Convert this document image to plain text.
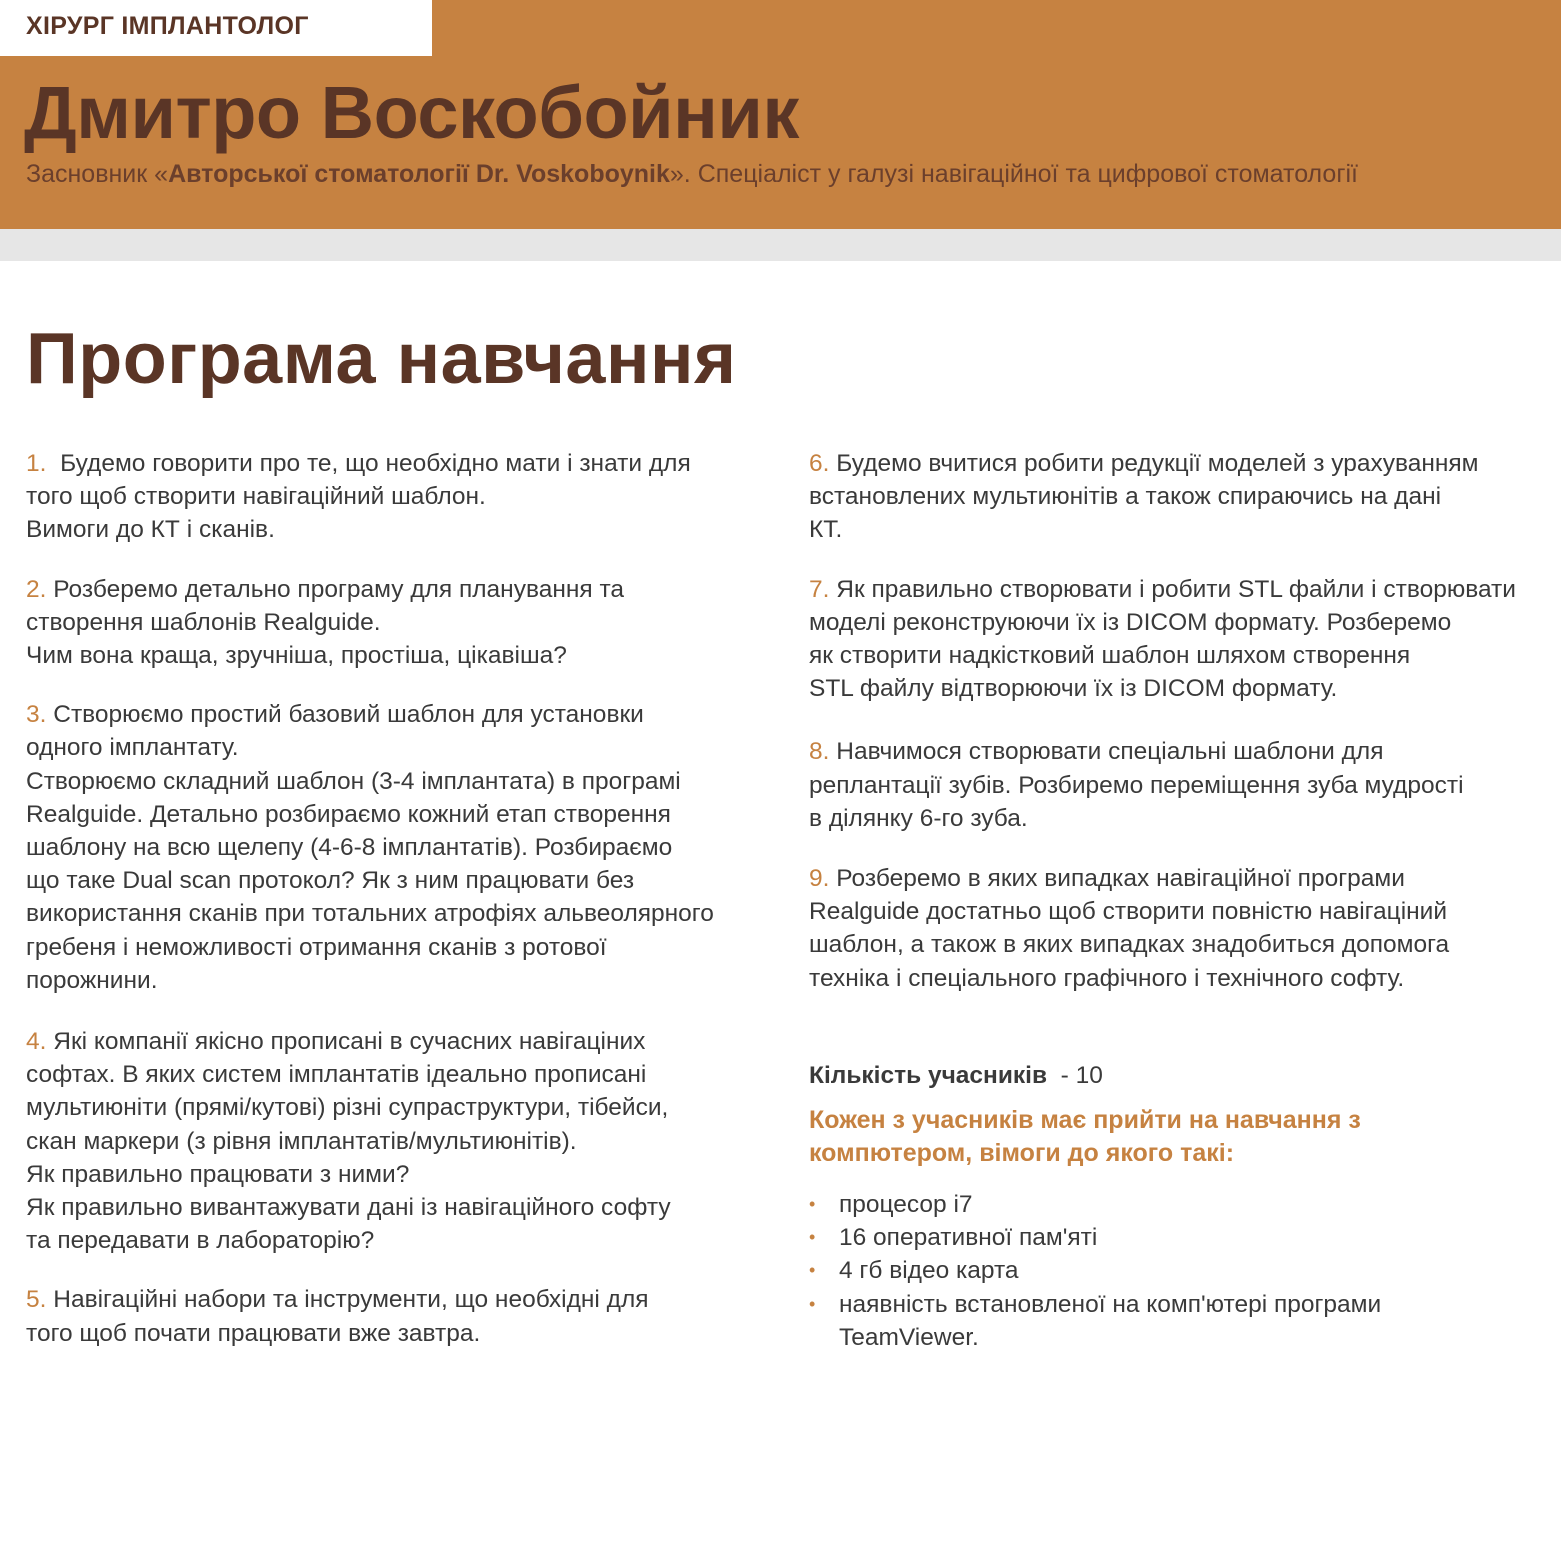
ХІРУРГ ІМПЛАНТОЛОГ
Дмитро Воскобойник
Засновник «Авторської стоматології Dr. Voskoboynik». Спеціаліст у галузі навігаційної та цифрової стоматології
Програма навчання
1. Будемо говорити про те, що необхідно мати і знати для
того щоб створити навігаційний шаблон.
Вимоги до КТ і сканів.
2. Розберемо детально програму для планування та
створення шаблонів Realguide.
Чим вона краща, зручніша, простіша, цікавіша?
3. Створюємо простий базовий шаблон для установки
одного імплантату.
Створюємо складний шаблон (3-4 імплантата) в програмі
Realguide. Детально розбираємо кожний етап створення
шаблону на всю щелепу (4-6-8 імплантатів). Розбираємо
що таке Dual scan протокол? Як з ним працювати без
використання сканів при тотальних атрофіях альвеолярного
гребеня і неможливості отримання сканів з ротової
порожнини.
4. Які компанії якісно прописані в сучасних навігаціних
софтах. В яких систем імплантатів ідеально прописані
мультиюніти (прямі/кутові) різні супраструктури, тібейси,
скан маркери (з рівня імплантатів/мультиюнітів).
Як правильно працювати з ними?
Як правильно вивантажувати дані із навігаційного софту
та передавати в лабораторію?
5. Навігаційні набори та інструменти, що необхідні для
того щоб почати працювати вже завтра.
6. Будемо вчитися робити редукції моделей з урахуванням
встановлених мультиюнітів а також спираючись на дані
КТ.
7. Як правильно створювати і робити STL файли і створювати
моделі реконструюючи їх із DICOM формату. Розберемо
як створити надкістковий шаблон шляхом створення
STL файлу відтворюючи їх із DICOM формату.
8. Навчимося створювати спеціальні шаблони для
реплантації зубів. Розбиремо переміщення зуба мудрості
в ділянку 6-го зуба.
9. Розберемо в яких випадках навігаційної програми
Realguide достатньо щоб створити повністю навігаціний
шаблон, а також в яких випадках знадобиться допомога
техніка і спеціального графічного і технічного софту.
Кількість учасників  - 10
Кожен з учасників має прийти на навчання з
компютером, вімоги до якого такі:
• процесор і7
• 16 оперативної пам'яті
• 4 гб відео карта
• наявність встановленої на комп'ютері програми
TeamViewer.
